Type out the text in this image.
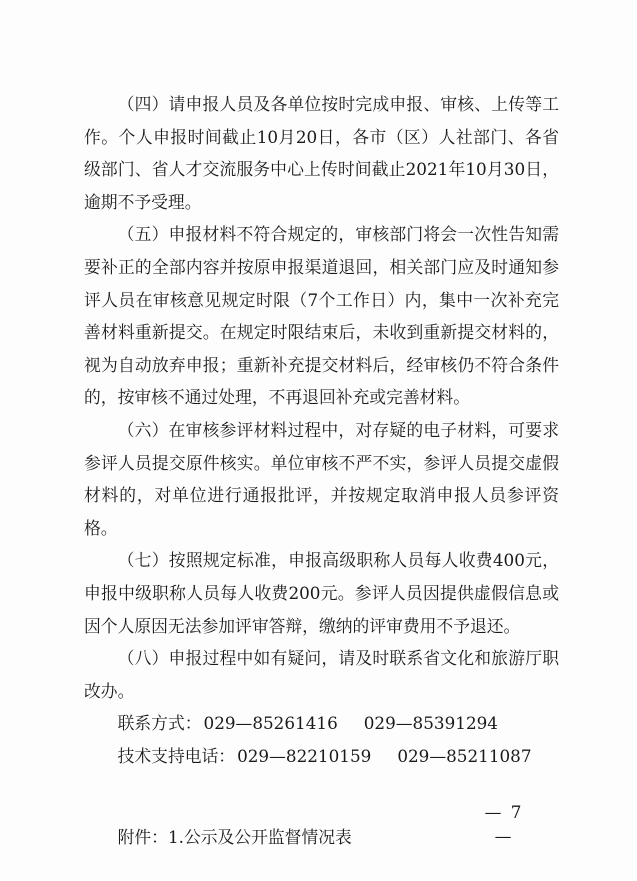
（四）请申报人员及各单位按时完成申报、审核、上传等工作。个人申报时间截止10月20日，各市（区）人社部门、各省级部门、省人才交流服务中心上传时间截止2021年10月30日，逾期不予受理。

（五）申报材料不符合规定的，审核部门将会一次性告知需要补正的全部内容并按原申报渠道退回，相关部门应及时通知参评人员在审核意见规定时限（7个工作日）内，集中一次补充完善材料重新提交。在规定时限结束后，未收到重新提交材料的，视为自动放弃申报；重新补充提交材料后，经审核仍不符合条件的，按审核不通过处理，不再退回补充或完善材料。

（六）在审核参评材料过程中，对存疑的电子材料，可要求参评人员提交原件核实。单位审核不严不实，参评人员提交虚假材料的，对单位进行通报批评，并按规定取消申报人员参评资格。

（七）按照规定标准，申报高级职称人员每人收费400元，申报中级职称人员每人收费200元。参评人员因提供虚假信息或因个人原因无法参加评审答辩，缴纳的评审费用不予退还。

（八）申报过程中如有疑问，请及时联系省文化和旅游厅职改办。

联系方式： 029—85261416 029—85391294

技术支持电话： 029—82210159 029—85211087

附件：1.公示及公开监督情况表

— 7 —
